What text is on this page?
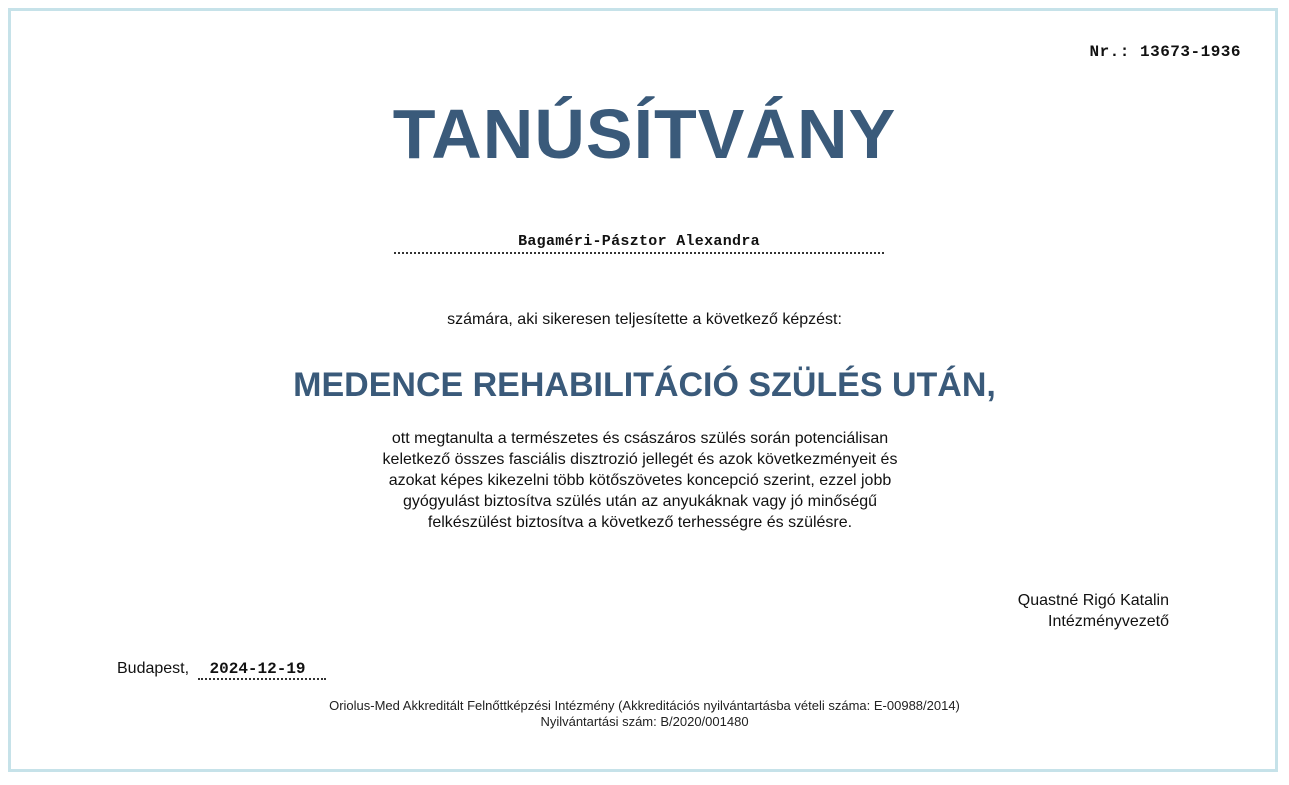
Nr.: 13673-1936
TANÚSÍTVÁNY
Bagaméri-Pásztor Alexandra
számára, aki sikeresen teljesítette a következő képzést:
MEDENCE REHABILITÁCIÓ SZÜLÉS UTÁN,
ott megtanulta a természetes és császáros szülés során potenciálisan
keletkező összes fasciális disztrozió jellegét és azok következményeit és
azokat képes kikezelni több kötőszövetes koncepció szerint, ezzel jobb
gyógyulást biztosítva szülés után az anyukáknak vagy jó minőségű
felkészülést biztosítva a következő terhességre és szülésre.
Quastné Rigó Katalin
Intézményvezető
Budapest, 2024-12-19
Oriolus-Med Akkreditált Felnőttképzési Intézmény (Akkreditációs nyilvántartásba vételi száma: E-00988/2014)
Nyilvántartási szám: B/2020/001480
